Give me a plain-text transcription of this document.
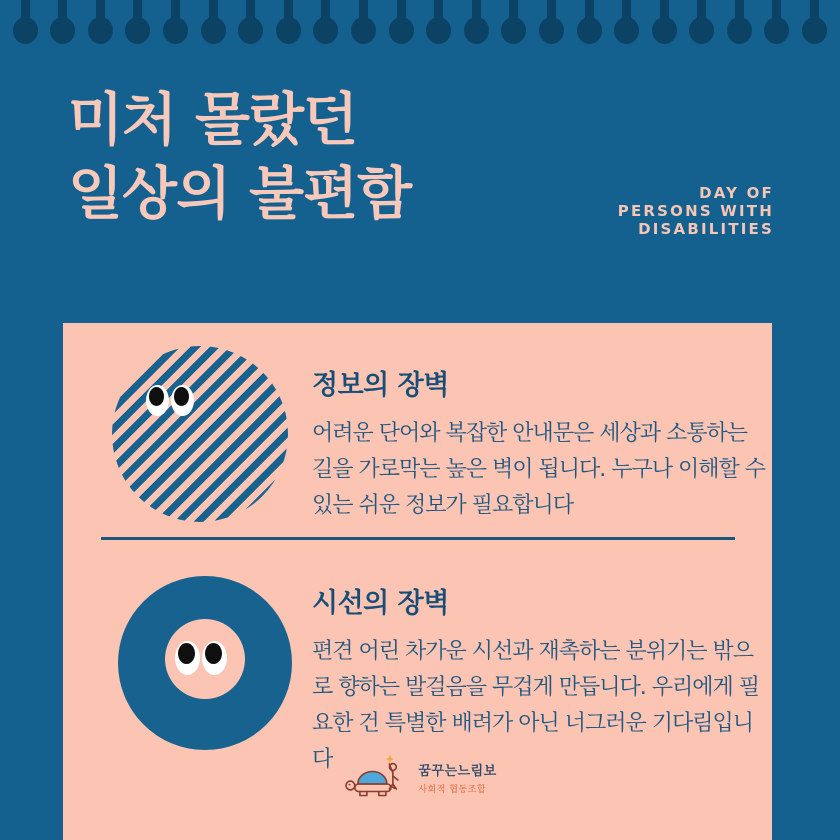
미처 몰랐던
일상의 불편함	DAY OF
PERSONS WITH
DISABILITIES
정보의 장벽

어려운 단어와 복잡한 안내문은 세상과 소통하는 길을 가로막는 높은 벽이 됩니다. 누구나 이해할 수 있는 쉬운 정보가 필요합니다

시선의 장벽

편견 어린 차가운 시선과 재촉하는 분위기는 밖으로 향하는 발걸음을 무겁게 만듭니다. 우리에게 필요한 건 특별한 배려가 아닌 너그러운 기다림입니다	꿈꾸는느림보
사회적 협동조합
